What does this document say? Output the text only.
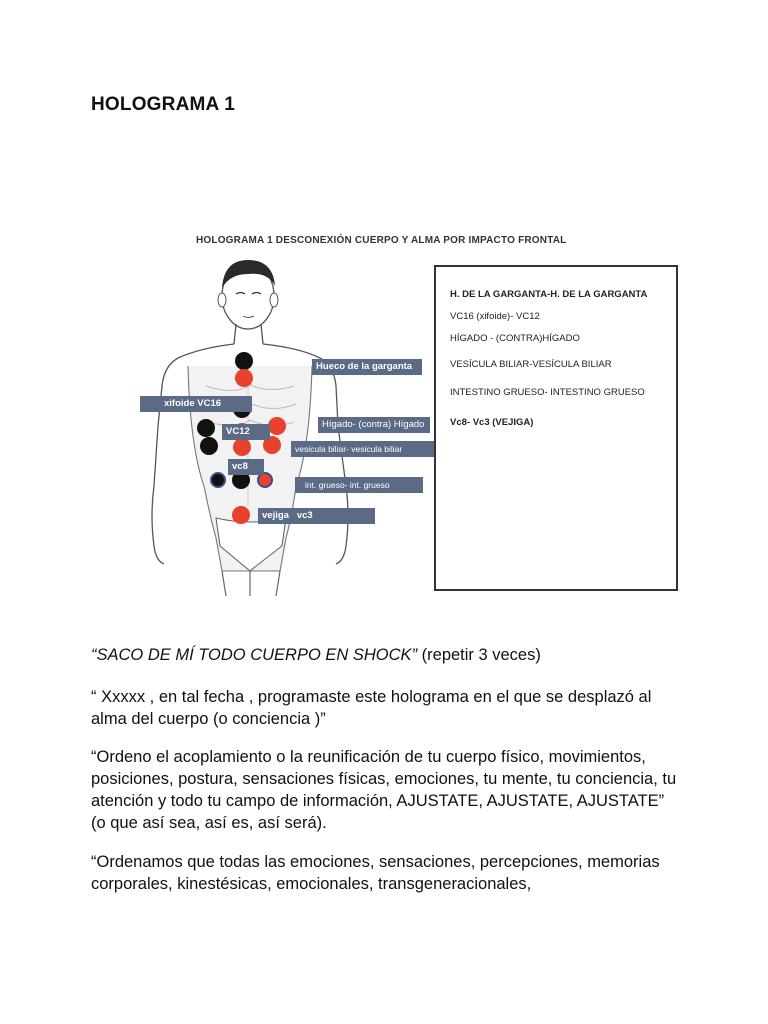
HOLOGRAMA 1
HOLOGRAMA 1 DESCONEXIÓN CUERPO Y ALMA POR IMPACTO FRONTAL
Hueco de la garganta
xifoide VC16
Hígado- (contra) Hígado
VC12
vesicula biliar- vesicula biliar
vc8
int. grueso- int. grueso
vejiga   vc3
H. DE LA GARGANTA-H. DE LA GARGANTA
VC16 (xifoide)- VC12
HÍGADO - (CONTRA)HÍGADO
VESÍCULA BILIAR-VESÍCULA BILIAR
INTESTINO GRUESO- INTESTINO GRUESO
Vc8- Vc3 (VEJIGA)
“SACO DE MÍ TODO CUERPO EN SHOCK” (repetir 3 veces)
“ Xxxxx , en tal fecha , programaste este holograma en el que se desplazó al alma del cuerpo (o conciencia )”
“Ordeno el acoplamiento o la reunificación de tu cuerpo físico, movimientos, posiciones, postura, sensaciones físicas, emociones, tu mente, tu conciencia, tu atención y todo tu campo de información, AJUSTATE, AJUSTATE, AJUSTATE” (o que así sea, así es, así será).
“Ordenamos que todas las emociones, sensaciones, percepciones, memorias corporales, kinestésicas, emocionales, transgeneracionales,
